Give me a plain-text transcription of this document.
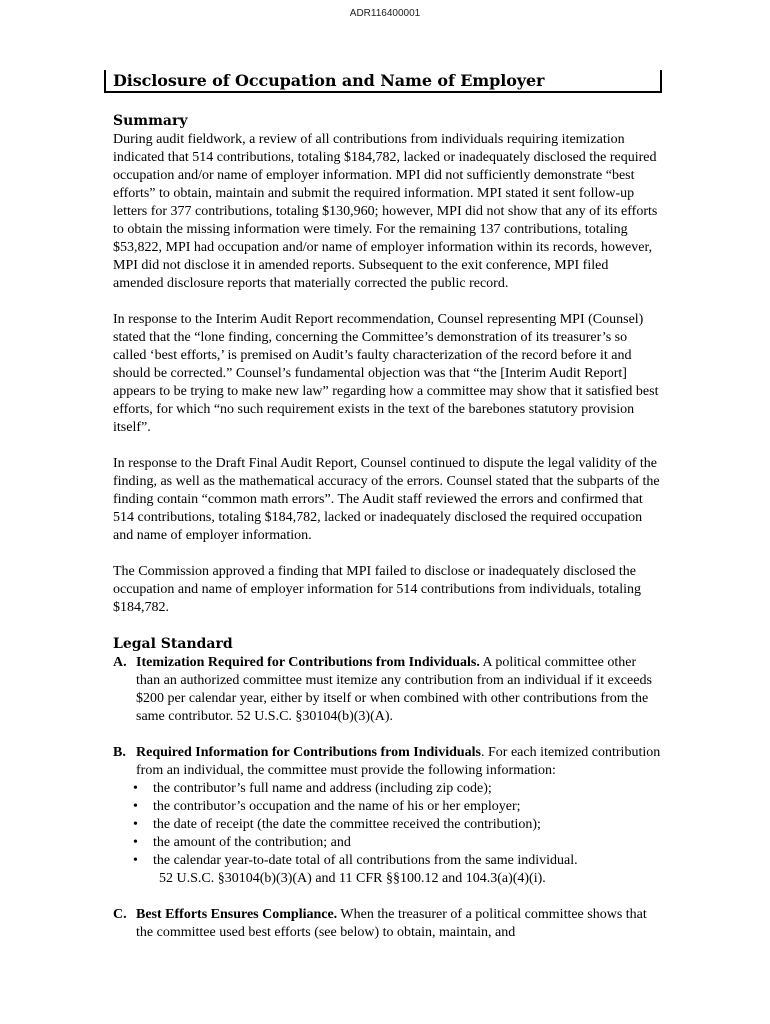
ADR116400001
Disclosure of Occupation and Name of Employer
Summary

During audit fieldwork, a review of all contributions from individuals requiring itemization indicated that 514 contributions, totaling $184,782, lacked or inadequately disclosed the required occupation and/or name of employer information. MPI did not sufficiently demonstrate “best efforts” to obtain, maintain and submit the required information. MPI stated it sent follow-up letters for 377 contributions, totaling $130,960; however, MPI did not show that any of its efforts to obtain the missing information were timely. For the remaining 137 contributions, totaling $53,822, MPI had occupation and/or name of employer information within its records, however, MPI did not disclose it in amended reports. Subsequent to the exit conference, MPI filed amended disclosure reports that materially corrected the public record.

In response to the Interim Audit Report recommendation, Counsel representing MPI (Counsel) stated that the “lone finding, concerning the Committee’s demonstration of its treasurer’s so called ‘best efforts,’ is premised on Audit’s faulty characterization of the record before it and should be corrected.” Counsel’s fundamental objection was that “the [Interim Audit Report] appears to be trying to make new law” regarding how a committee may show that it satisfied best efforts, for which “no such requirement exists in the text of the barebones statutory provision itself”.

In response to the Draft Final Audit Report, Counsel continued to dispute the legal validity of the finding, as well as the mathematical accuracy of the errors. Counsel stated that the subparts of the finding contain “common math errors”. The Audit staff reviewed the errors and confirmed that 514 contributions, totaling $184,782, lacked or inadequately disclosed the required occupation and name of employer information.

The Commission approved a finding that MPI failed to disclose or inadequately disclosed the occupation and name of employer information for 514 contributions from individuals, totaling $184,782.

Legal Standard
A. Itemization Required for Contributions from Individuals. A political committee other than an authorized committee must itemize any contribution from an individual if it exceeds $200 per calendar year, either by itself or when combined with other contributions from the same contributor. 52 U.S.C. §30104(b)(3)(A).
B. Required Information for Contributions from Individuals. For each itemized contribution from an individual, the committee must provide the following information:
• the contributor’s full name and address (including zip code);
• the contributor’s occupation and the name of his or her employer;
• the date of receipt (the date the committee received the contribution);
• the amount of the contribution; and
• the calendar year-to-date total of all contributions from the same individual.
52 U.S.C. §30104(b)(3)(A) and 11 CFR §§100.12 and 104.3(a)(4)(i).
C. Best Efforts Ensures Compliance. When the treasurer of a political committee shows that the committee used best efforts (see below) to obtain, maintain, and
